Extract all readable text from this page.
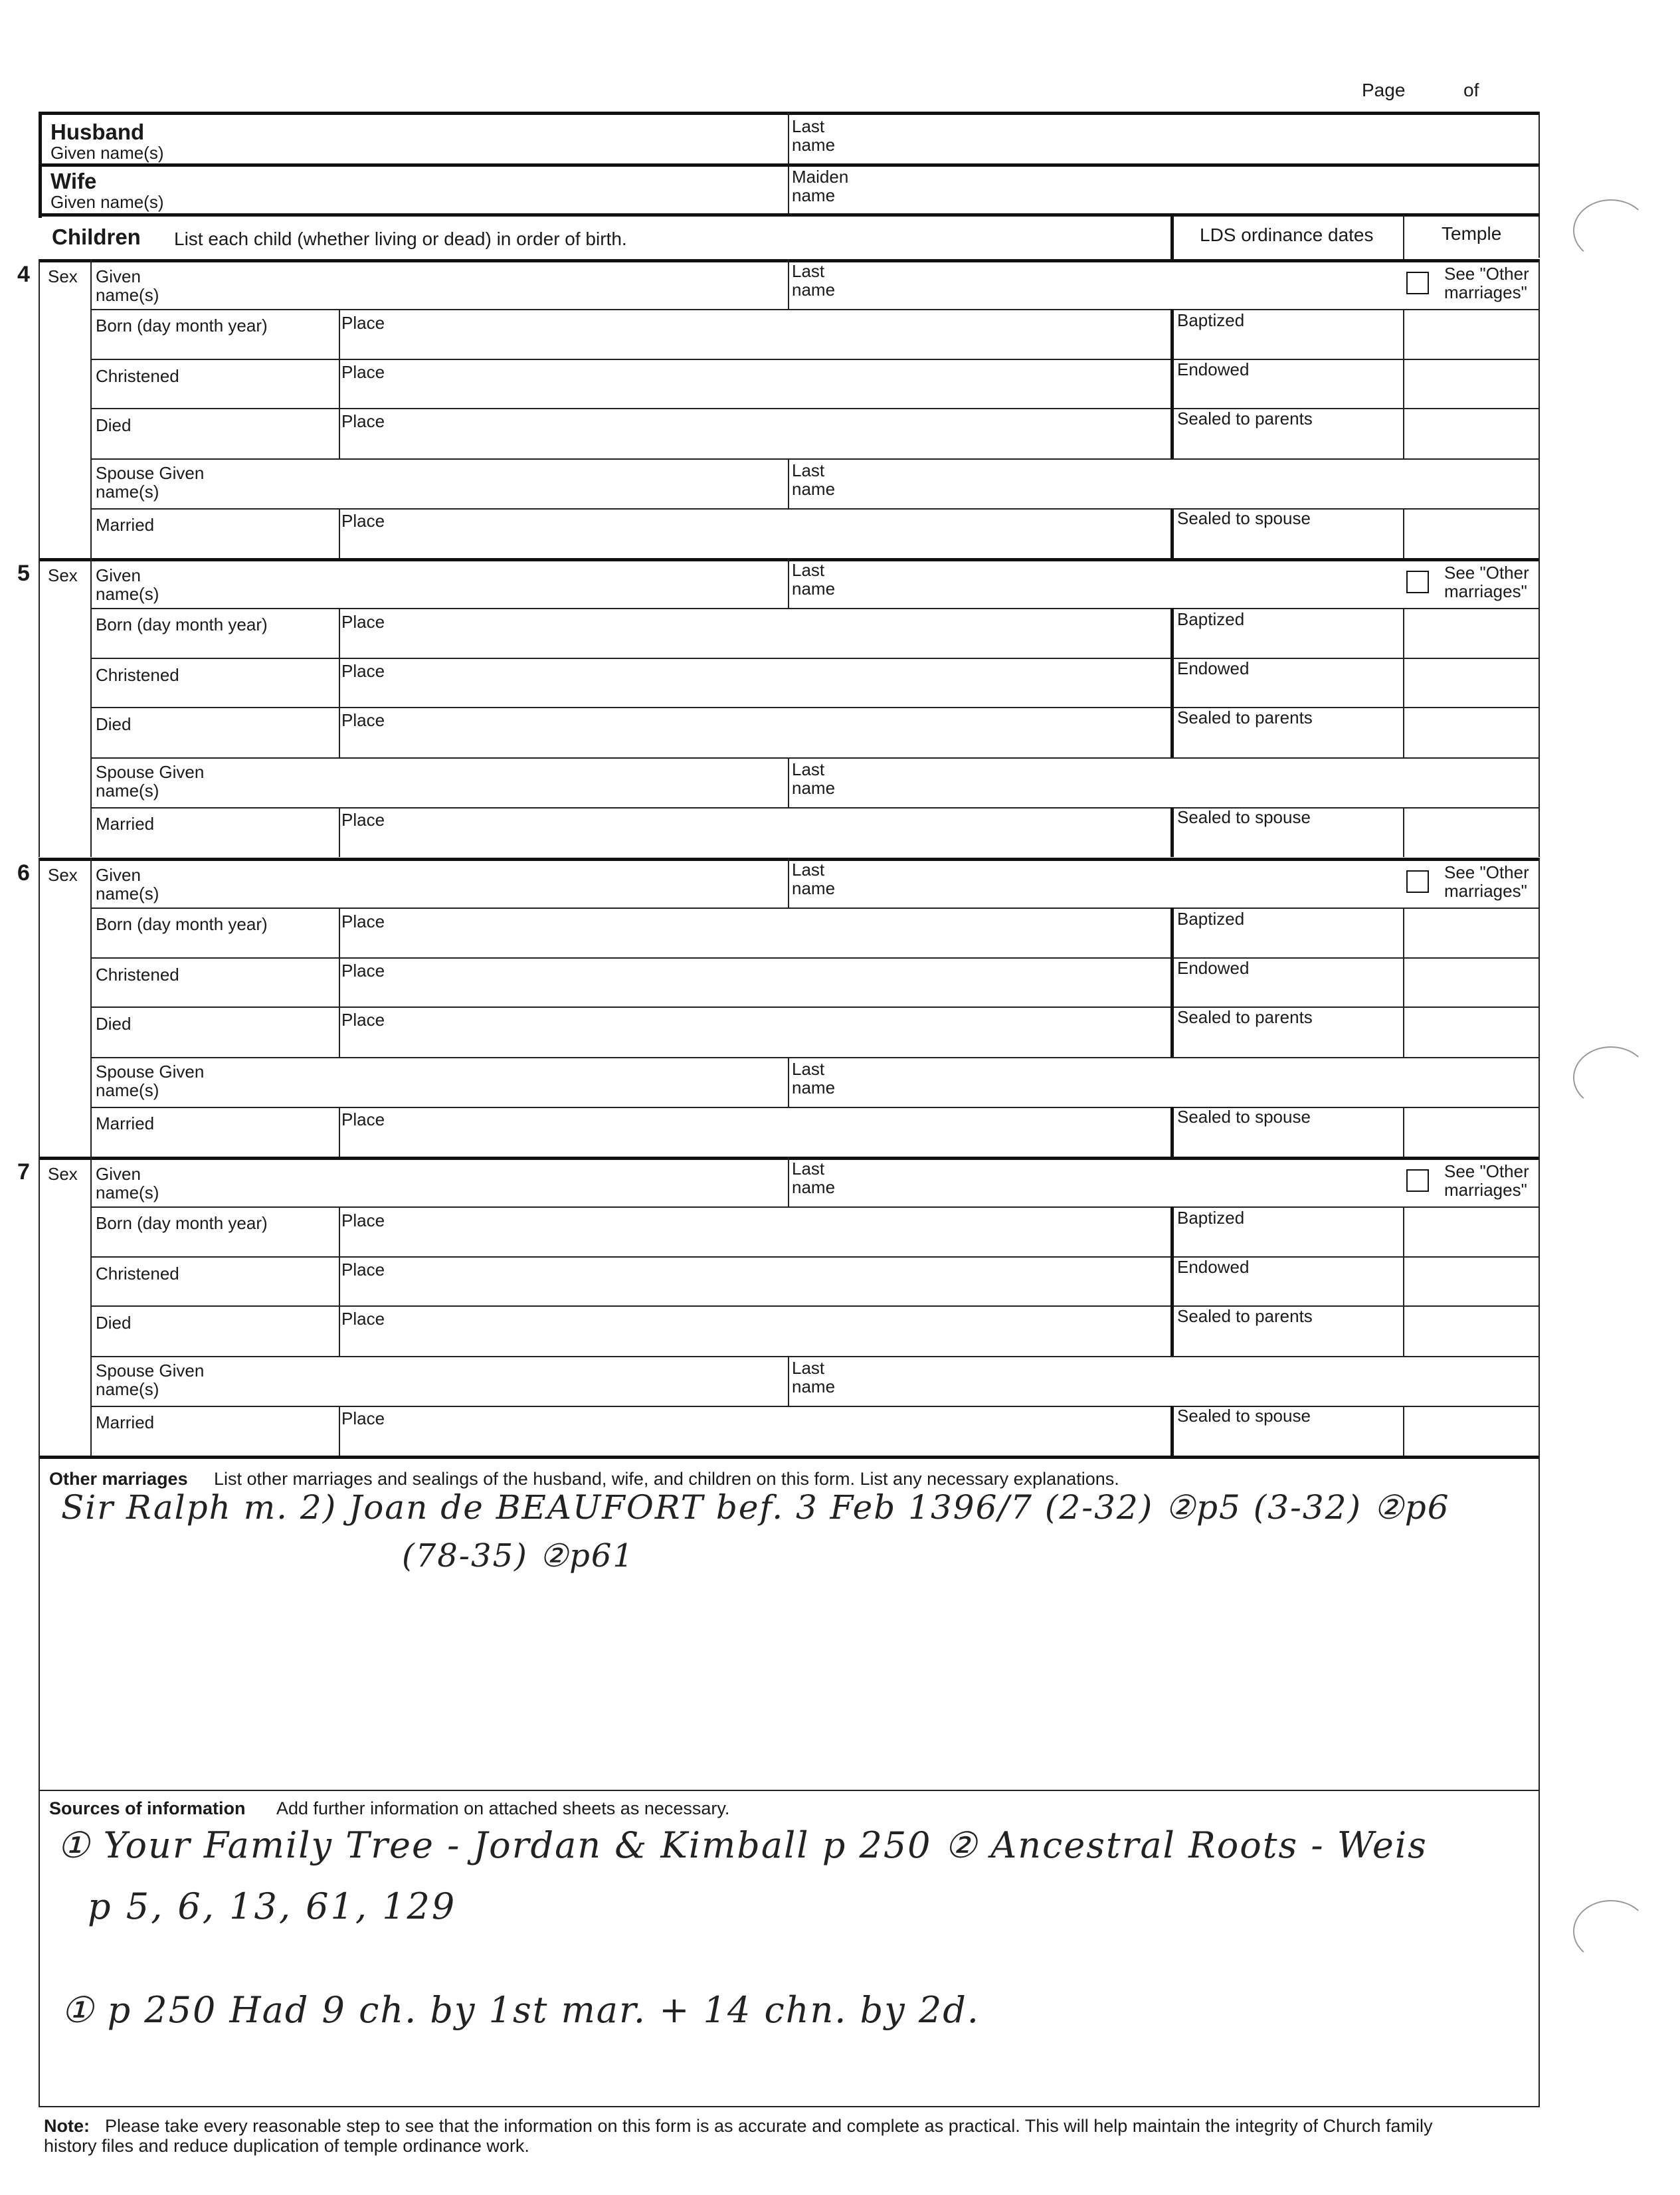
Page	of
Husband
Given name(s)
Last name
Wife
Given name(s)
Maiden name
Children List each child (whether living or dead) in order of birth.	LDS ordinance dates	Temple
4 Sex Given name(s)
Last name
See "Other marriages"
Born (day month year)	Place	Baptized
Christened	Place	Endowed
Died	Place	Sealed to parents
Spouse Given name(s)
Last name
Married	Place	Sealed to spouse
5 Sex Given name(s)
Last name
See "Other marriages"
Born (day month year)	Place	Baptized
Christened	Place	Endowed
Died	Place	Sealed to parents
Spouse Given name(s)
Last name
Married	Place	Sealed to spouse
6 Sex Given name(s)
Last name
See "Other marriages"
Born (day month year)	Place	Baptized
Christened	Place	Endowed
Died	Place	Sealed to parents
Spouse Given name(s)
Last name
Married	Place	Sealed to spouse
7 Sex Given name(s)
Last name
See "Other marriages"
Born (day month year)	Place	Baptized
Christened	Place	Endowed
Died	Place	Sealed to parents
Spouse Given name(s)
Last name
Married	Place	Sealed to spouse
Other marriages List other marriages and sealings of the husband, wife, and children on this form. List any necessary explanations.
Sir Ralph m. 2) Joan de BEAUFORT bef. 3 Feb 1396/7 (2-32) ②p5 (3-32) ②p6
(78-35) ②p61
Sources of information Add further information on attached sheets as necessary.
① Your Family Tree - Jordan & Kimball p 250 ② Ancestral Roots - Weis
p 5, 6, 13, 61, 129
① p 250 Had 9 ch. by 1st mar. + 14 chn. by 2d.
Note: Please take every reasonable step to see that the information on this form is as accurate and complete as practical. This will help maintain the integrity of Church family
history files and reduce duplication of temple ordinance work.
